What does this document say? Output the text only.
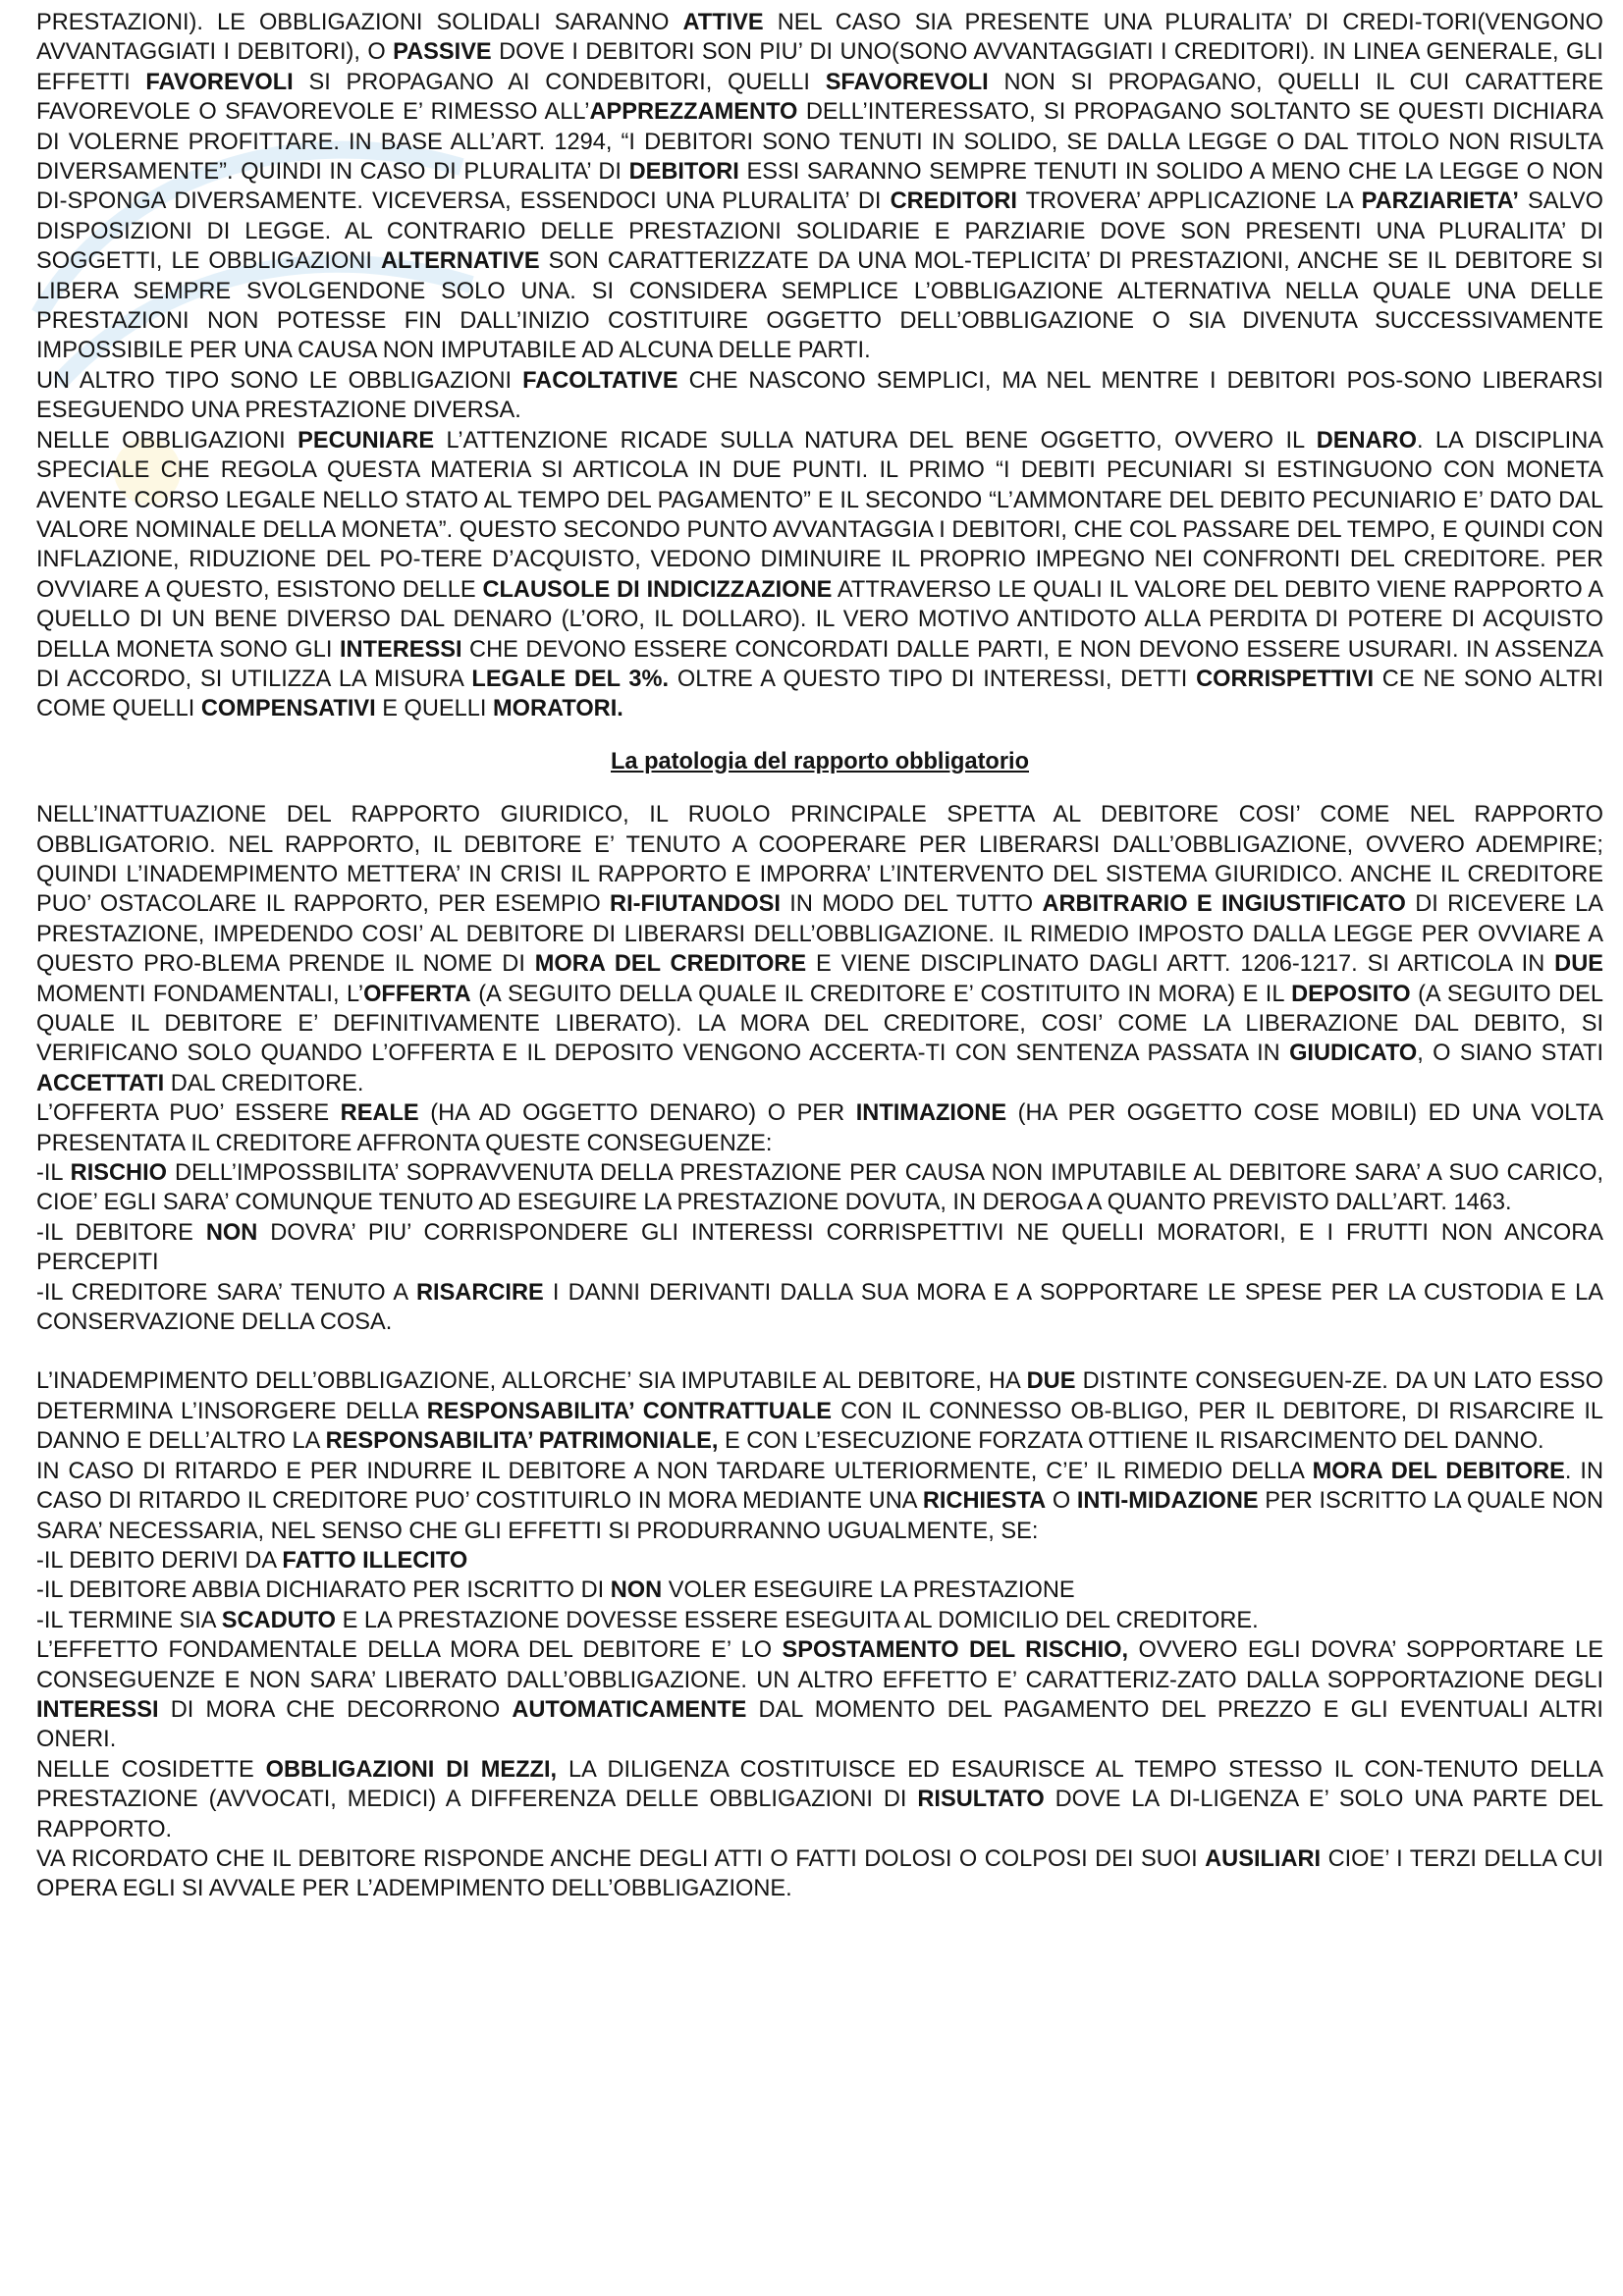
PRESTAZIONI). LE OBBLIGAZIONI SOLIDALI SARANNO ATTIVE NEL CASO SIA PRESENTE UNA PLURALITA’ DI CREDI-TORI(VENGONO AVVANTAGGIATI I DEBITORI), O PASSIVE DOVE I DEBITORI SON PIU’ DI UNO(SONO AVVANTAGGIATI I CREDITORI). IN LINEA GENERALE, GLI EFFETTI FAVOREVOLI SI PROPAGANO AI CONDEBITORI, QUELLI SFAVOREVOLI NON SI PROPAGANO, QUELLI IL CUI CARATTERE FAVOREVOLE O SFAVOREVOLE E’ RIMESSO ALL’APPREZZAMENTO DELL’INTERESSATO, SI PROPAGANO SOLTANTO SE QUESTI DICHIARA DI VOLERNE PROFITTARE. IN BASE ALL’ART. 1294, “I DEBITORI SONO TENUTI IN SOLIDO, SE DALLA LEGGE O DAL TITOLO NON RISULTA DIVERSAMENTE”. QUINDI IN CASO DI PLURALITA’ DI DEBITORI ESSI SARANNO SEMPRE TENUTI IN SOLIDO A MENO CHE LA LEGGE O NON DI-SPONGA DIVERSAMENTE. VICEVERSA, ESSENDOCI UNA PLURALITA’ DI CREDITORI TROVERA’ APPLICAZIONE LA PARZIARIETA’ SALVO DISPOSIZIONI DI LEGGE. AL CONTRARIO DELLE PRESTAZIONI SOLIDARIE E PARZIARIE DOVE SON PRESENTI UNA PLURALITA’ DI SOGGETTI, LE OBBLIGAZIONI ALTERNATIVE SON CARATTERIZZATE DA UNA MOL-TEPLICITA’ DI PRESTAZIONI, ANCHE SE IL DEBITORE SI LIBERA SEMPRE SVOLGENDONE SOLO UNA. SI CONSIDERA SEMPLICE L’OBBLIGAZIONE ALTERNATIVA NELLA QUALE UNA DELLE PRESTAZIONI NON POTESSE FIN DALL’INIZIO COSTITUIRE OGGETTO DELL’OBBLIGAZIONE O SIA DIVENUTA SUCCESSIVAMENTE IMPOSSIBILE PER UNA CAUSA NON IMPUTABILE AD ALCUNA DELLE PARTI.

UN ALTRO TIPO SONO LE OBBLIGAZIONI FACOLTATIVE CHE NASCONO SEMPLICI, MA NEL MENTRE I DEBITORI POS-SONO LIBERARSI ESEGUENDO UNA PRESTAZIONE DIVERSA.

NELLE OBBLIGAZIONI PECUNIARE L’ATTENZIONE RICADE SULLA NATURA DEL BENE OGGETTO, OVVERO IL DENARO. LA DISCIPLINA SPECIALE CHE REGOLA QUESTA MATERIA SI ARTICOLA IN DUE PUNTI. IL PRIMO “I DEBITI PECUNIARI SI ESTINGUONO CON MONETA AVENTE CORSO LEGALE NELLO STATO AL TEMPO DEL PAGAMENTO” E IL SECONDO “L’AMMONTARE DEL DEBITO PECUNIARIO E’ DATO DAL VALORE NOMINALE DELLA MONETA”. QUESTO SECONDO PUNTO AVVANTAGGIA I DEBITORI, CHE COL PASSARE DEL TEMPO, E QUINDI CON INFLAZIONE, RIDUZIONE DEL PO-TERE D’ACQUISTO, VEDONO DIMINUIRE IL PROPRIO IMPEGNO NEI CONFRONTI DEL CREDITORE. PER OVVIARE A QUESTO, ESISTONO DELLE CLAUSOLE DI INDICIZZAZIONE ATTRAVERSO LE QUALI IL VALORE DEL DEBITO VIENE RAPPORTO A QUELLO DI UN BENE DIVERSO DAL DENARO (L’ORO, IL DOLLARO). IL VERO MOTIVO ANTIDOTO ALLA PERDITA DI POTERE DI ACQUISTO DELLA MONETA SONO GLI INTERESSI CHE DEVONO ESSERE CONCORDATI DALLE PARTI, E NON DEVONO ESSERE USURARI. IN ASSENZA DI ACCORDO, SI UTILIZZA LA MISURA LEGALE DEL 3%. OLTRE A QUESTO TIPO DI INTERESSI, DETTI CORRISPETTIVI CE NE SONO ALTRI COME QUELLI COMPENSATIVI E QUELLI MORATORI.

La patologia del rapporto obbligatorio

NELL’INATTUAZIONE DEL RAPPORTO GIURIDICO, IL RUOLO PRINCIPALE SPETTA AL DEBITORE COSI’ COME NEL RAPPORTO OBBLIGATORIO. NEL RAPPORTO, IL DEBITORE E’ TENUTO A COOPERARE PER LIBERARSI DALL’OBBLIGAZIONE, OVVERO ADEMPIRE; QUINDI L’INADEMPIMENTO METTERA’ IN CRISI IL RAPPORTO E IMPORRA’ L’INTERVENTO DEL SISTEMA GIURIDICO. ANCHE IL CREDITORE PUO’ OSTACOLARE IL RAPPORTO, PER ESEMPIO RI-FIUTANDOSI IN MODO DEL TUTTO ARBITRARIO E INGIUSTIFICATO DI RICEVERE LA PRESTAZIONE, IMPEDENDO COSI’ AL DEBITORE DI LIBERARSI DELL’OBBLIGAZIONE. IL RIMEDIO IMPOSTO DALLA LEGGE PER OVVIARE A QUESTO PRO-BLEMA PRENDE IL NOME DI MORA DEL CREDITORE E VIENE DISCIPLINATO DAGLI ARTT. 1206-1217. SI ARTICOLA IN DUE MOMENTI FONDAMENTALI, L’OFFERTA (A SEGUITO DELLA QUALE IL CREDITORE E’ COSTITUITO IN MORA) E IL DEPOSITO (A SEGUITO DEL QUALE IL DEBITORE E’ DEFINITIVAMENTE LIBERATO). LA MORA DEL CREDITORE, COSI’ COME LA LIBERAZIONE DAL DEBITO, SI VERIFICANO SOLO QUANDO L’OFFERTA E IL DEPOSITO VENGONO ACCERTA-TI CON SENTENZA PASSATA IN GIUDICATO, O SIANO STATI ACCETTATI DAL CREDITORE.

L’OFFERTA PUO’ ESSERE REALE (HA AD OGGETTO DENARO) O PER INTIMAZIONE (HA PER OGGETTO COSE MOBILI) ED UNA VOLTA PRESENTATA IL CREDITORE AFFRONTA QUESTE CONSEGUENZE:

-IL RISCHIO DELL’IMPOSSBILITA’ SOPRAVVENUTA DELLA PRESTAZIONE PER CAUSA NON IMPUTABILE AL DEBITORE SARA’ A SUO CARICO, CIOE’ EGLI SARA’ COMUNQUE TENUTO AD ESEGUIRE LA PRESTAZIONE DOVUTA, IN DEROGA A QUANTO PREVISTO DALL’ART. 1463.

-IL DEBITORE NON DOVRA’ PIU’ CORRISPONDERE GLI INTERESSI CORRISPETTIVI NE QUELLI MORATORI, E I FRUTTI NON ANCORA PERCEPITI

-IL CREDITORE SARA’ TENUTO A RISARCIRE I DANNI DERIVANTI DALLA SUA MORA E A SOPPORTARE LE SPESE PER LA CUSTODIA E LA CONSERVAZIONE DELLA COSA.

L’INADEMPIMENTO DELL’OBBLIGAZIONE, ALLORCHE’ SIA IMPUTABILE AL DEBITORE, HA DUE DISTINTE CONSEGUEN-ZE. DA UN LATO ESSO DETERMINA L’INSORGERE DELLA RESPONSABILITA’ CONTRATTUALE CON IL CONNESSO OB-BLIGO, PER IL DEBITORE, DI RISARCIRE IL DANNO E DELL’ALTRO LA RESPONSABILITA’ PATRIMONIALE, E CON L’ESECUZIONE FORZATA OTTIENE IL RISARCIMENTO DEL DANNO.

IN CASO DI RITARDO E PER INDURRE IL DEBITORE A NON TARDARE ULTERIORMENTE, C’E’ IL RIMEDIO DELLA MORA DEL DEBITORE. IN CASO DI RITARDO IL CREDITORE PUO’ COSTITUIRLO IN MORA MEDIANTE UNA RICHIESTA O INTI-MIDAZIONE PER ISCRITTO LA QUALE NON SARA’ NECESSARIA, NEL SENSO CHE GLI EFFETTI SI PRODURRANNO UGUALMENTE, SE:

-IL DEBITO DERIVI DA FATTO ILLECITO

-IL DEBITORE ABBIA DICHIARATO PER ISCRITTO DI NON VOLER ESEGUIRE LA PRESTAZIONE

-IL TERMINE SIA SCADUTO E LA PRESTAZIONE DOVESSE ESSERE ESEGUITA AL DOMICILIO DEL CREDITORE.

L’EFFETTO FONDAMENTALE DELLA MORA DEL DEBITORE E’ LO SPOSTAMENTO DEL RISCHIO, OVVERO EGLI DOVRA’ SOPPORTARE LE CONSEGUENZE E NON SARA’ LIBERATO DALL’OBBLIGAZIONE. UN ALTRO EFFETTO E’ CARATTERIZ-ZATO DALLA SOPPORTAZIONE DEGLI INTERESSI DI MORA CHE DECORRONO AUTOMATICAMENTE DAL MOMENTO DEL PAGAMENTO DEL PREZZO E GLI EVENTUALI ALTRI ONERI.

NELLE COSIDETTE OBBLIGAZIONI DI MEZZI, LA DILIGENZA COSTITUISCE ED ESAURISCE AL TEMPO STESSO IL CON-TENUTO DELLA PRESTAZIONE (AVVOCATI, MEDICI) A DIFFERENZA DELLE OBBLIGAZIONI DI RISULTATO DOVE LA DI-LIGENZA E’ SOLO UNA PARTE DEL RAPPORTO.

VA RICORDATO CHE IL DEBITORE RISPONDE ANCHE DEGLI ATTI O FATTI DOLOSI O COLPOSI DEI SUOI AUSILIARI CIOE’ I TERZI DELLA CUI OPERA EGLI SI AVVALE PER L’ADEMPIMENTO DELL’OBBLIGAZIONE.
